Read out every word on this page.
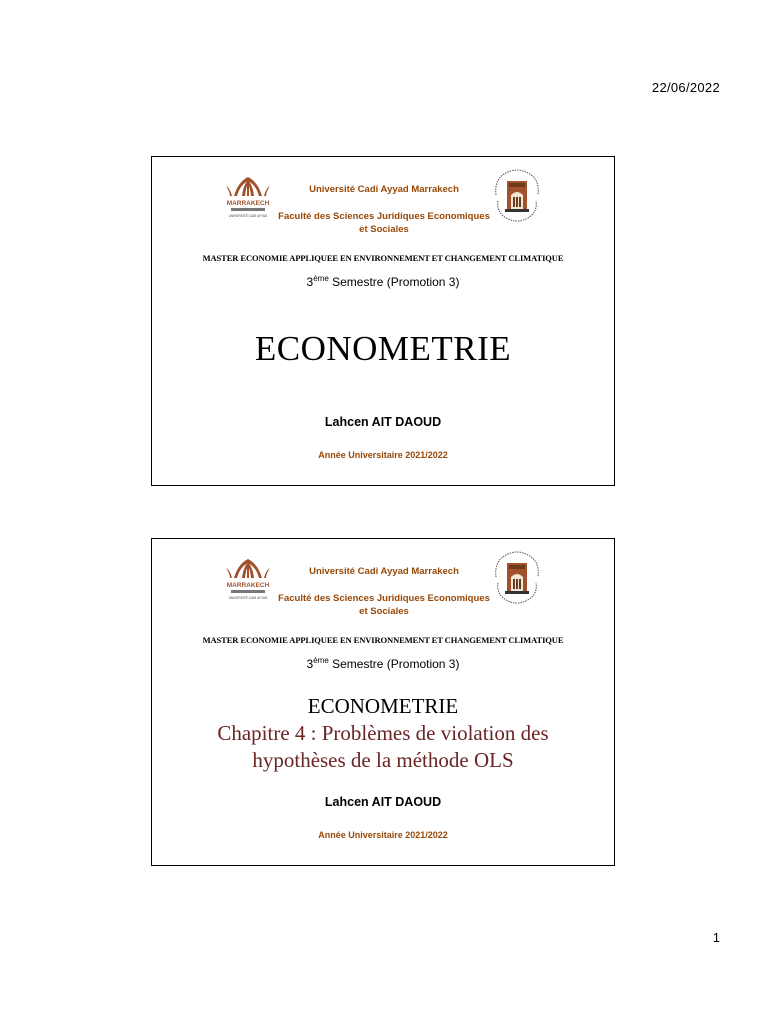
22/06/2022
MARRAKECH
UNIVERSITÉ CADI AYYAD
Université Cadi Ayyad Marrakech
Faculté des Sciences Juridiques Economiques
et Sociales
MASTER ECONOMIE APPLIQUEE EN ENVIRONNEMENT ET CHANGEMENT CLIMATIQUE
3ème Semestre (Promotion 3)
ECONOMETRIE
Lahcen AIT DAOUD
Année Universitaire 2021/2022
MARRAKECH
UNIVERSITÉ CADI AYYAD
Université Cadi Ayyad Marrakech
Faculté des Sciences Juridiques Economiques
et Sociales
MASTER ECONOMIE APPLIQUEE EN ENVIRONNEMENT ET CHANGEMENT CLIMATIQUE
3ème Semestre (Promotion 3)
ECONOMETRIE
Chapitre 4 : Problèmes de violation des
hypothèses de la méthode OLS
Lahcen AIT DAOUD
Année Universitaire 2021/2022
1
